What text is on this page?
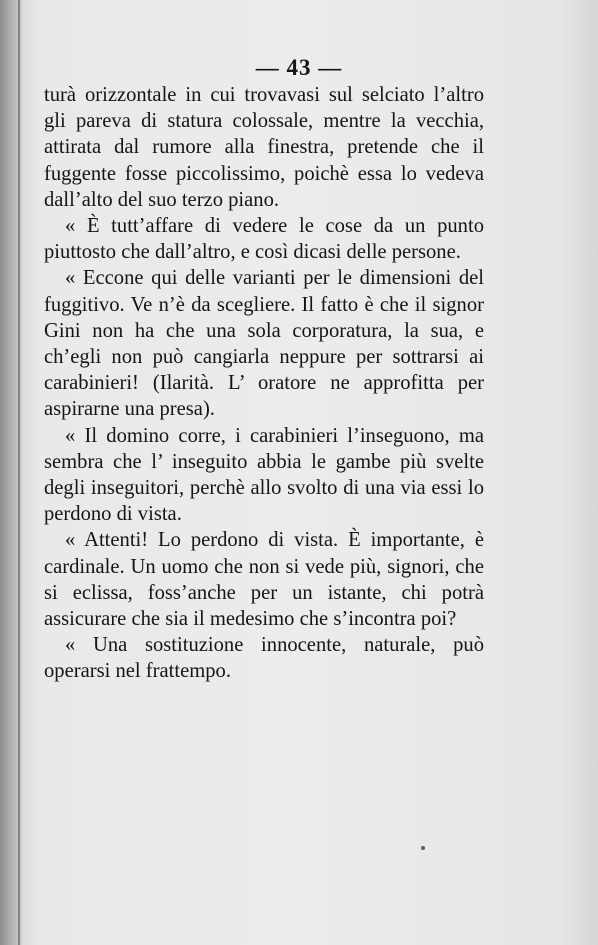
— 43 —

turà orizzontale in cui trovavasi sul selciato l’altro gli pareva di statura colossale, mentre la vecchia, attirata dal rumore alla finestra, pretende che il fuggente fosse piccolissimo, poichè essa lo vedeva dall’alto del suo terzo piano.

« È tutt’affare di vedere le cose da un punto piuttosto che dall’altro, e così dicasi delle persone.

« Eccone qui delle varianti per le dimensioni del fuggitivo. Ve n’è da scegliere. Il fatto è che il signor Gini non ha che una sola corporatura, la sua, e ch’egli non può cangiarla neppure per sottrarsi ai carabinieri! (Ilarità. L’ oratore ne approfitta per aspirarne una presa).

« Il domino corre, i carabinieri l’inseguono, ma sembra che l’ inseguito abbia le gambe più svelte degli inseguitori, perchè allo svolto di una via essi lo perdono di vista.

« Attenti! Lo perdono di vista. È importante, è cardinale. Un uomo che non si vede più, signori, che si eclissa, foss’anche per un istante, chi potrà assicurare che sia il medesimo che s’incontra poi?

« Una sostituzione innocente, naturale, può operarsi nel frattempo.
